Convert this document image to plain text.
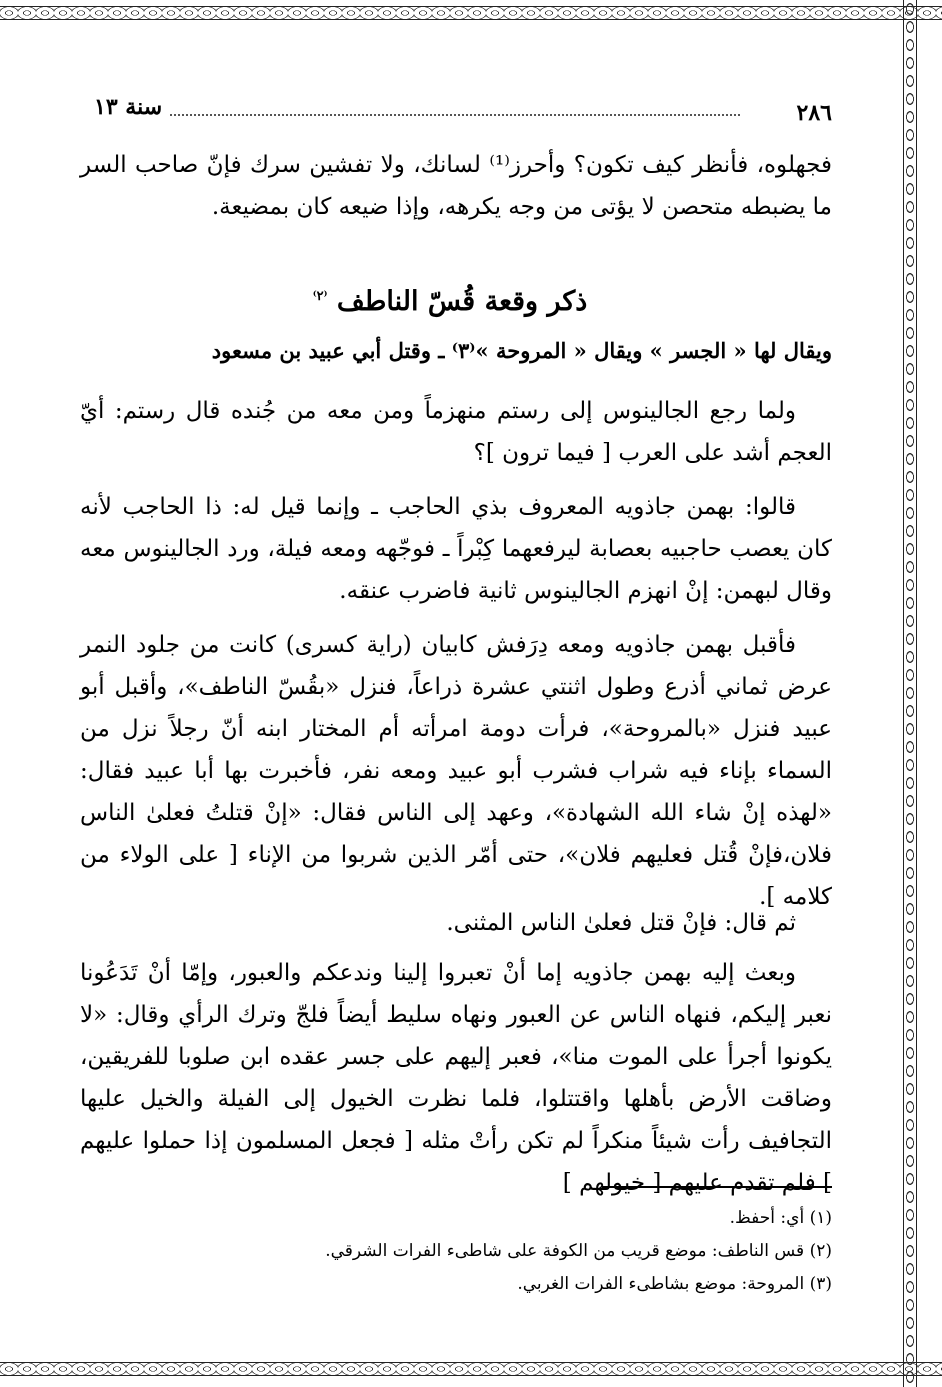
٢٨٦
سنة ١٣
فجهلوه، فأنظر كيف تكون؟ وأحرز⁽¹⁾ لسانك، ولا تفشين سرك فإنّ صاحب السر ما يضبطه متحصن لا يؤتى من وجه يكرهه، وإذا ضيعه كان بمضيعة.
ذكر وقعة قُسّ الناطف $^{^(٢^)}$
ويقال لها « الجسر » ويقال « المروحة »⁽٣⁾ ـ وقتل أبي عبيد بن مسعود
ولما رجع الجالينوس إلى رستم منهزماً ومن معه من جُنده قال رستم: أيّ العجم أشد على العرب [ فيما ترون ]؟
قالوا: بهمن جاذويه المعروف بذي الحاجب ـ وإنما قيل له: ذا الحاجب لأنه كان يعصب حاجبيه بعصابة ليرفعهما كِبْراً ـ فوجّهه ومعه فيلة، ورد الجالينوس معه وقال لبهمن: إنْ انهزم الجالينوس ثانية فاضرب عنقه.
فأقبل بهمن جاذويه ومعه دِرَفش كابيان (راية كسرى) كانت من جلود النمر عرض ثماني أذرع وطول اثنتي عشرة ذراعاً، فنزل «بقُسّ الناطف»، وأقبل أبو عبيد فنزل «بالمروحة»، فرأت دومة امرأته أم المختار ابنه أنّ رجلاً نزل من السماء بإناء فيه شراب فشرب أبو عبيد ومعه نفر، فأخبرت بها أبا عبيد فقال: «لهذه إنْ شاء الله الشهادة»، وعهد إلى الناس فقال: «إنْ قتلتُ فعلىٰ الناس فلان،فإنْ قُتل فعليهم فلان»، حتى أمّر الذين شربوا من الإناء [ على الولاء من كلامه ].
ثم قال: فإنْ قتل فعلىٰ الناس المثنى.
وبعث إليه بهمن جاذويه إما أنْ تعبروا إلينا وندعكم والعبور، وإمّا أنْ تَدَعُونا نعبر إليكم، فنهاه الناس عن العبور ونهاه سليط أيضاً فلجّ وترك الرأي وقال: «لا يكونوا أجرأ على الموت منا»، فعبر إليهم على جسر عقده ابن صلوبا للفريقين، وضاقت الأرض بأهلها واقتتلوا، فلما نظرت الخيول إلى الفيلة والخيل عليها التجافيف رأت شيئاً منكراً لم تكن رأتْ مثله [ فجعل المسلمون إذا حملوا عليهم ] فلم تقدم عليهم [ خيولهم ]
(١) أي: أحفظ.
(٢) قس الناطف: موضع قريب من الكوفة على شاطىء الفرات الشرقي.
(٣) المروحة: موضع بشاطىء الفرات الغربي.
